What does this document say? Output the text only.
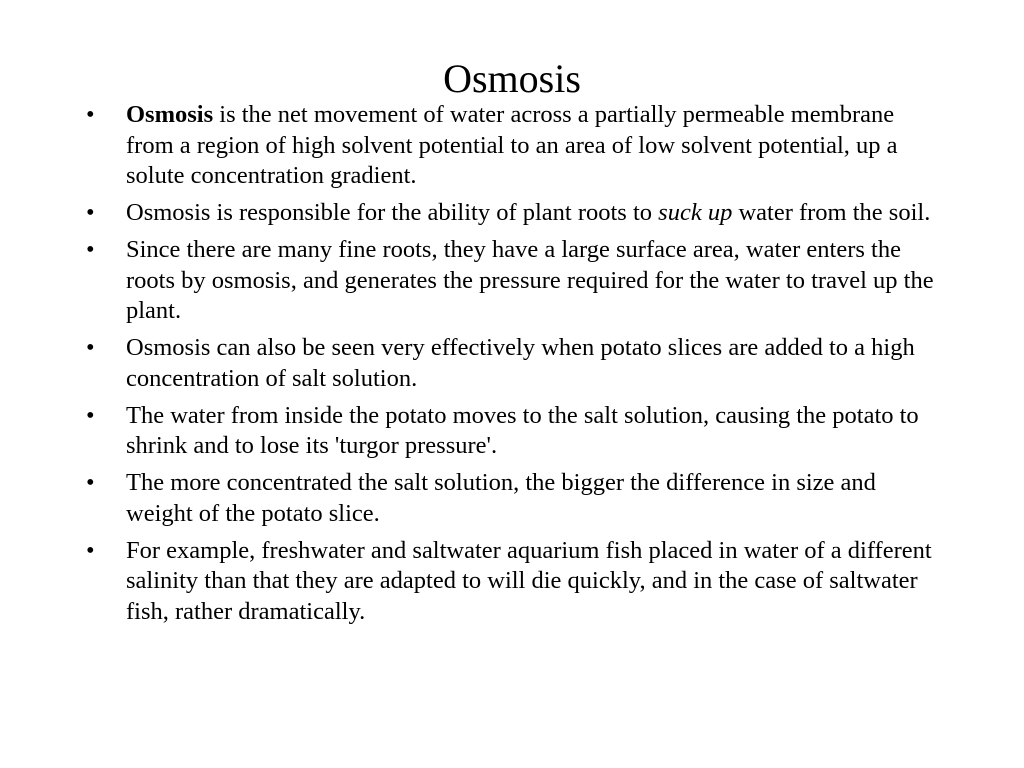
Osmosis
•	Osmosis is the net movement of water across a partially permeable membrane from a region of high solvent potential to an area of low solvent potential, up a solute concentration gradient.
•	Osmosis is responsible for the ability of plant roots to suck up water from the soil.
•	Since there are many fine roots, they have a large surface area, water enters the roots by osmosis, and generates the pressure required for the water to travel up the plant.
•	Osmosis can also be seen very effectively when potato slices are added to a high concentration of salt solution.
•	The water from inside the potato moves to the salt solution, causing the potato to shrink and to lose its 'turgor pressure'.
•	The more concentrated the salt solution, the bigger the difference in size and weight of the potato slice.
•	For example, freshwater and saltwater aquarium fish placed in water of a different salinity than that they are adapted to will die quickly, and in the case of saltwater fish, rather dramatically.
